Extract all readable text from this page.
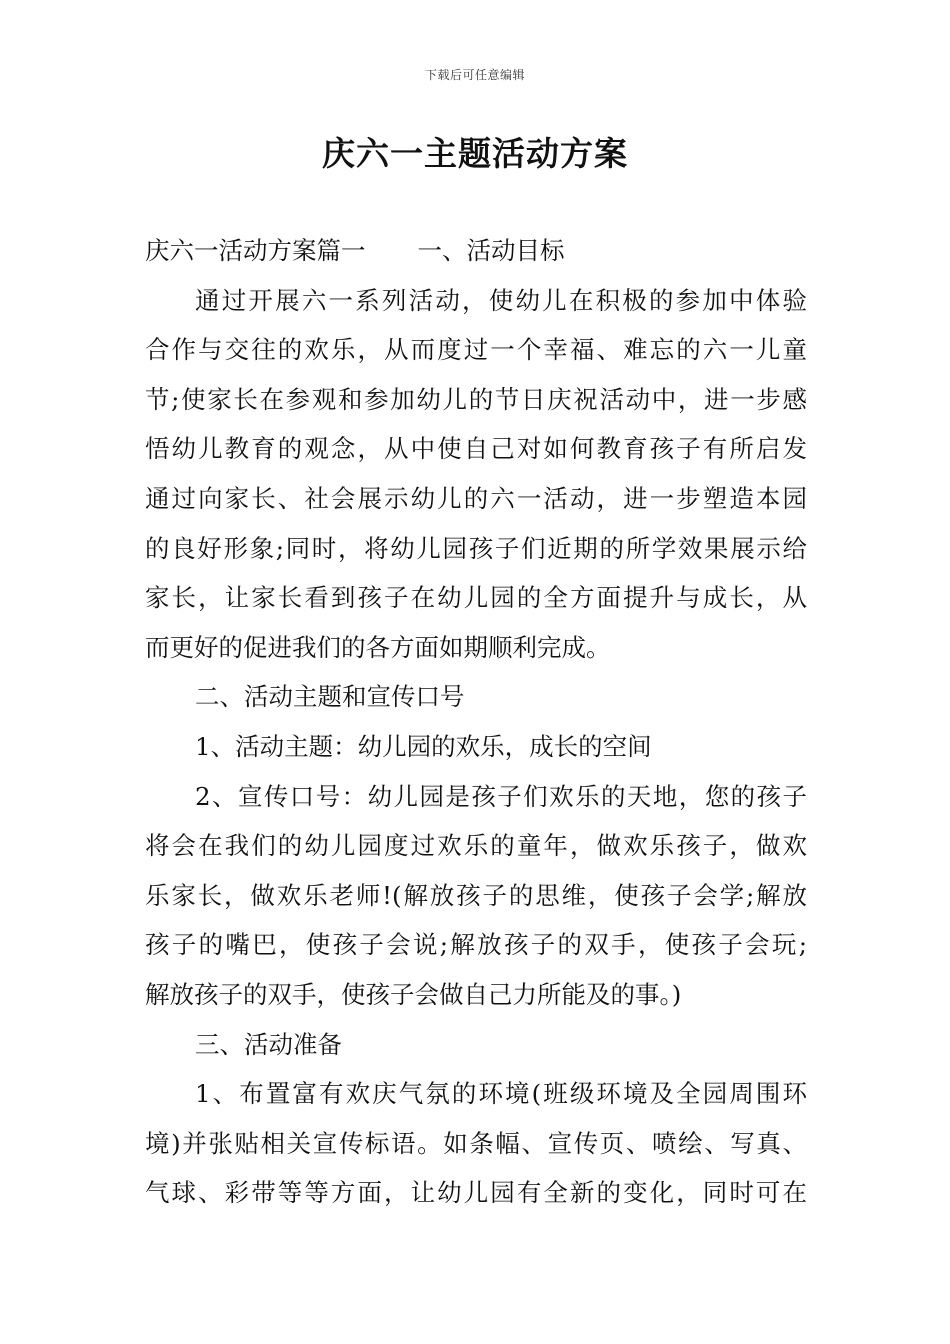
下载后可任意编辑
庆六一主题活动方案
庆六一活动方案篇一 一、活动目标
通过开展六一系列活动，使幼儿在积极的参加中体验
合作与交往的欢乐，从而度过一个幸福、难忘的六一儿童
节;使家长在参观和参加幼儿的节日庆祝活动中，进一步感
悟幼儿教育的观念，从中使自己对如何教育孩子有所启发
通过向家长、社会展示幼儿的六一活动，进一步塑造本园
的良好形象;同时，将幼儿园孩子们近期的所学效果展示给
家长，让家长看到孩子在幼儿园的全方面提升与成长，从
而更好的促进我们的各方面如期顺利完成。
二、活动主题和宣传口号
1、活动主题：幼儿园的欢乐，成长的空间
2、宣传口号：幼儿园是孩子们欢乐的天地，您的孩子
将会在我们的幼儿园度过欢乐的童年，做欢乐孩子，做欢
乐家长，做欢乐老师!(解放孩子的思维，使孩子会学;解放
孩子的嘴巴，使孩子会说;解放孩子的双手，使孩子会玩;
解放孩子的双手，使孩子会做自己力所能及的事。)
三、活动准备
1、布置富有欢庆气氛的环境(班级环境及全园周围环
境)并张贴相关宣传标语。如条幅、宣传页、喷绘、写真、
气球、彩带等等方面，让幼儿园有全新的变化，同时可在
